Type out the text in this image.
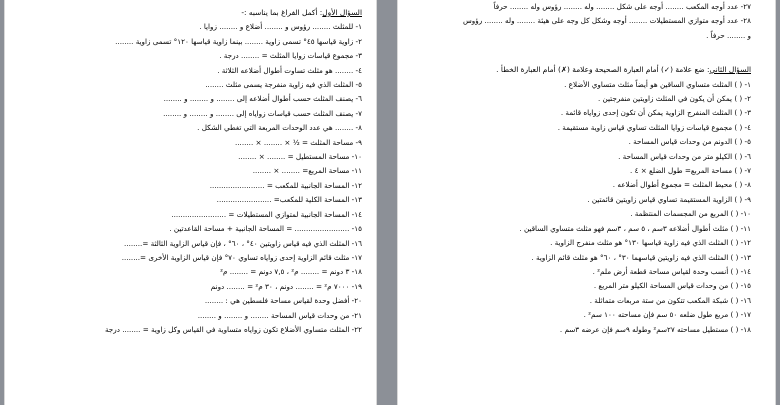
السؤال الأول: أكمل الفراغ بما يناسبه :-
١- للمثلث ........ رؤوس و ........ أضلاع و ........ زوايا .
٢- زاوية قياسها ٤٥° تسمى زاوية ........ بينما زاوية قياسها ١٢٠° تسمى زاوية ........
٣- مجموع قياسات زوايا المثلث = ........ درجة .
٤- ........ هو مثلث تساوت أطوال أضلاعه الثلاثة .
٥- المثلث الذي فيه زاوية منفرجة يسمى مثلث ........
٦- يصنف المثلث حسب أطوال أضلاعه إلى ........ و ........ و ........
٧- يصنف المثلث حسب قياسات زواياه إلى ........ و ........ و ........
٨- ........ هي عدد الوحدات المربعة التي تغطي الشكل .
٩- مساحة المثلث = ½ × ........ × ........
١٠- مساحة المستطيل = ........ × ........
١١- مساحة المربع= ........ × ........
١٢- المساحة الجانبية للمكعب = ........................
١٣- المساحة الكلية للمكعب= ........................
١٤- المساحة الجانبية لمتوازي المستطيلات = ........................
١٥- ........................ = المساحة الجانبية + مساحة القاعدتين .
١٦- المثلث الذي فيه قياس زاويتين ٤٠° ، ٦٠° ، فإن قياس الزاوية الثالثة =........
١٧- مثلث قائم الزاوية إحدى زواياه تساوي ٧٠° فإن قياس الزاوية الأخرى =........
١٨- ٣ دونم = ........ م² ، ٧,٥ دونم = ........ م²
١٩- ٧٠٠٠ م² = ........ دونم ، ٣٠ م² = ........ دونم
٢٠- أفضل وحدة لقياس مساحة فلسطين هي : ........
٢١- من وحدات قياس المساحة ........ و ........ و ........
٢٢- المثلث متساوي الأضلاع تكون زواياه متساوية في القياس وكل زاوية = ........ درجة
٢٧- عدد أوجه المكعب ........ أوجه على شكل ........ وله ........ رؤوس وله ........ حرفاً
٢٨- عدد أوجه متوازي المستطيلات ........ أوجه وشكل كل وجه على هيئة ........ وله ........ رؤوس
و ........ حرفاً .
السؤال الثاني: ضع علامة (✓) أمام العبارة الصحيحة وعلامة (✗) أمام العبارة الخطأ .
١- ( ) المثلث متساوي الساقين هو أيضاً مثلث متساوي الأضلاع .
٢- ( ) يمكن أن يكون في المثلث زاويتين منفرجتين .
٣- ( ) المثلث المنفرج الزاوية يمكن أن تكون إحدى زواياه قائمة .
٤- ( ) مجموع قياسات زوايا المثلث تساوي قياس زاوية مستقيمة .
٥- ( ) الدونم من وحدات قياس المساحة .
٦- ( ) الكيلو متر من وحدات قياس المساحة .
٧- ( ) مساحة المربع= طول الضلع × ٤ .
٨- ( ) محيط المثلث = مجموع أطوال أضلاعه .
٩- ( ) الزاوية المستقيمة تساوي قياس زاويتين قائمتين .
١٠- ( ) المربع من المجسمات المنتظمة .
١١- ( ) مثلث أطوال أضلاعه ٣سم ، ٥ سم ، ٣سم فهو مثلث متساوي الساقين .
١٢- ( ) المثلث الذي فيه زاوية قياسها ١٣٠° هو مثلث منفرج الزاوية .
١٣- ( ) المثلث الذي فيه زاويتين قياسهما ٣٠° ، ٦٠° هو مثلث قائم الزاوية .
١٤- ( ) أنسب وحدة لقياس مساحة قطعة أرض ملم² .
١٥- ( ) من وحدات قياس المساحة الكيلو متر المربع .
١٦- ( ) شبكة المكعب تتكون من ستة مربعات متماثلة .
١٧- ( ) مربع طول ضلعه ٥٠ سم فإن مساحته ١٠٠ سم² .
١٨- ( ) مستطيل مساحته ٢٧سم² وطوله ٩سم فإن عرضه ٣سم .
